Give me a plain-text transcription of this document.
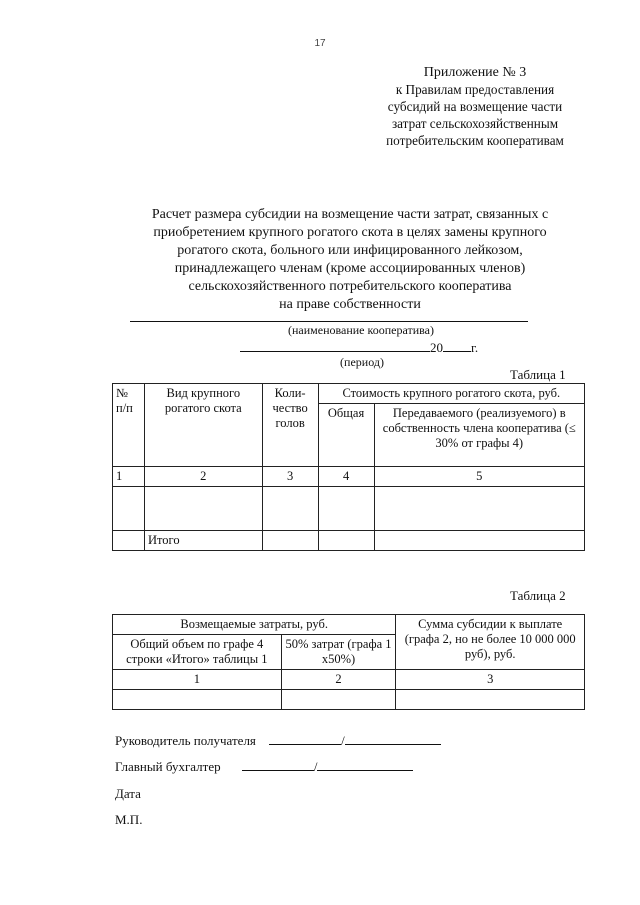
17
Приложение № 3
к Правилам предоставления
субсидий на возмещение части
затрат сельскохозяйственным
потребительским кооперативам
Расчет размера субсидии на возмещение части затрат, связанных с
приобретением крупного рогатого скота в целях замены крупного
рогатого скота, больного или инфицированного лейкозом,
принадлежащего членам (кроме ассоциированных членов)
сельскохозяйственного потребительского кооператива
на праве собственности
(наименование кооператива)
20 г.
(период)
Таблица 1
№ п/п	Вид крупного рогатого скота	Коли-чество голов	Стоимость крупного рогатого скота, руб.	
			Общая	Передаваемого (реализуемого) в собственность члена кооператива (≤ 30% от графы 4)
1	2	3	4	5

	Итого			
Таблица 2
Возмещаемые затраты, руб.		Сумма субсидии к выплате (графа 2, но не более 10 000 000 руб), руб.
Общий объем по графе 4 строки «Итого» таблицы 1	50% затрат (графа 1 х50%)	
1	2	3

Руководитель получателя	/
Главный бухгалтер	/
Дата
М.П.
